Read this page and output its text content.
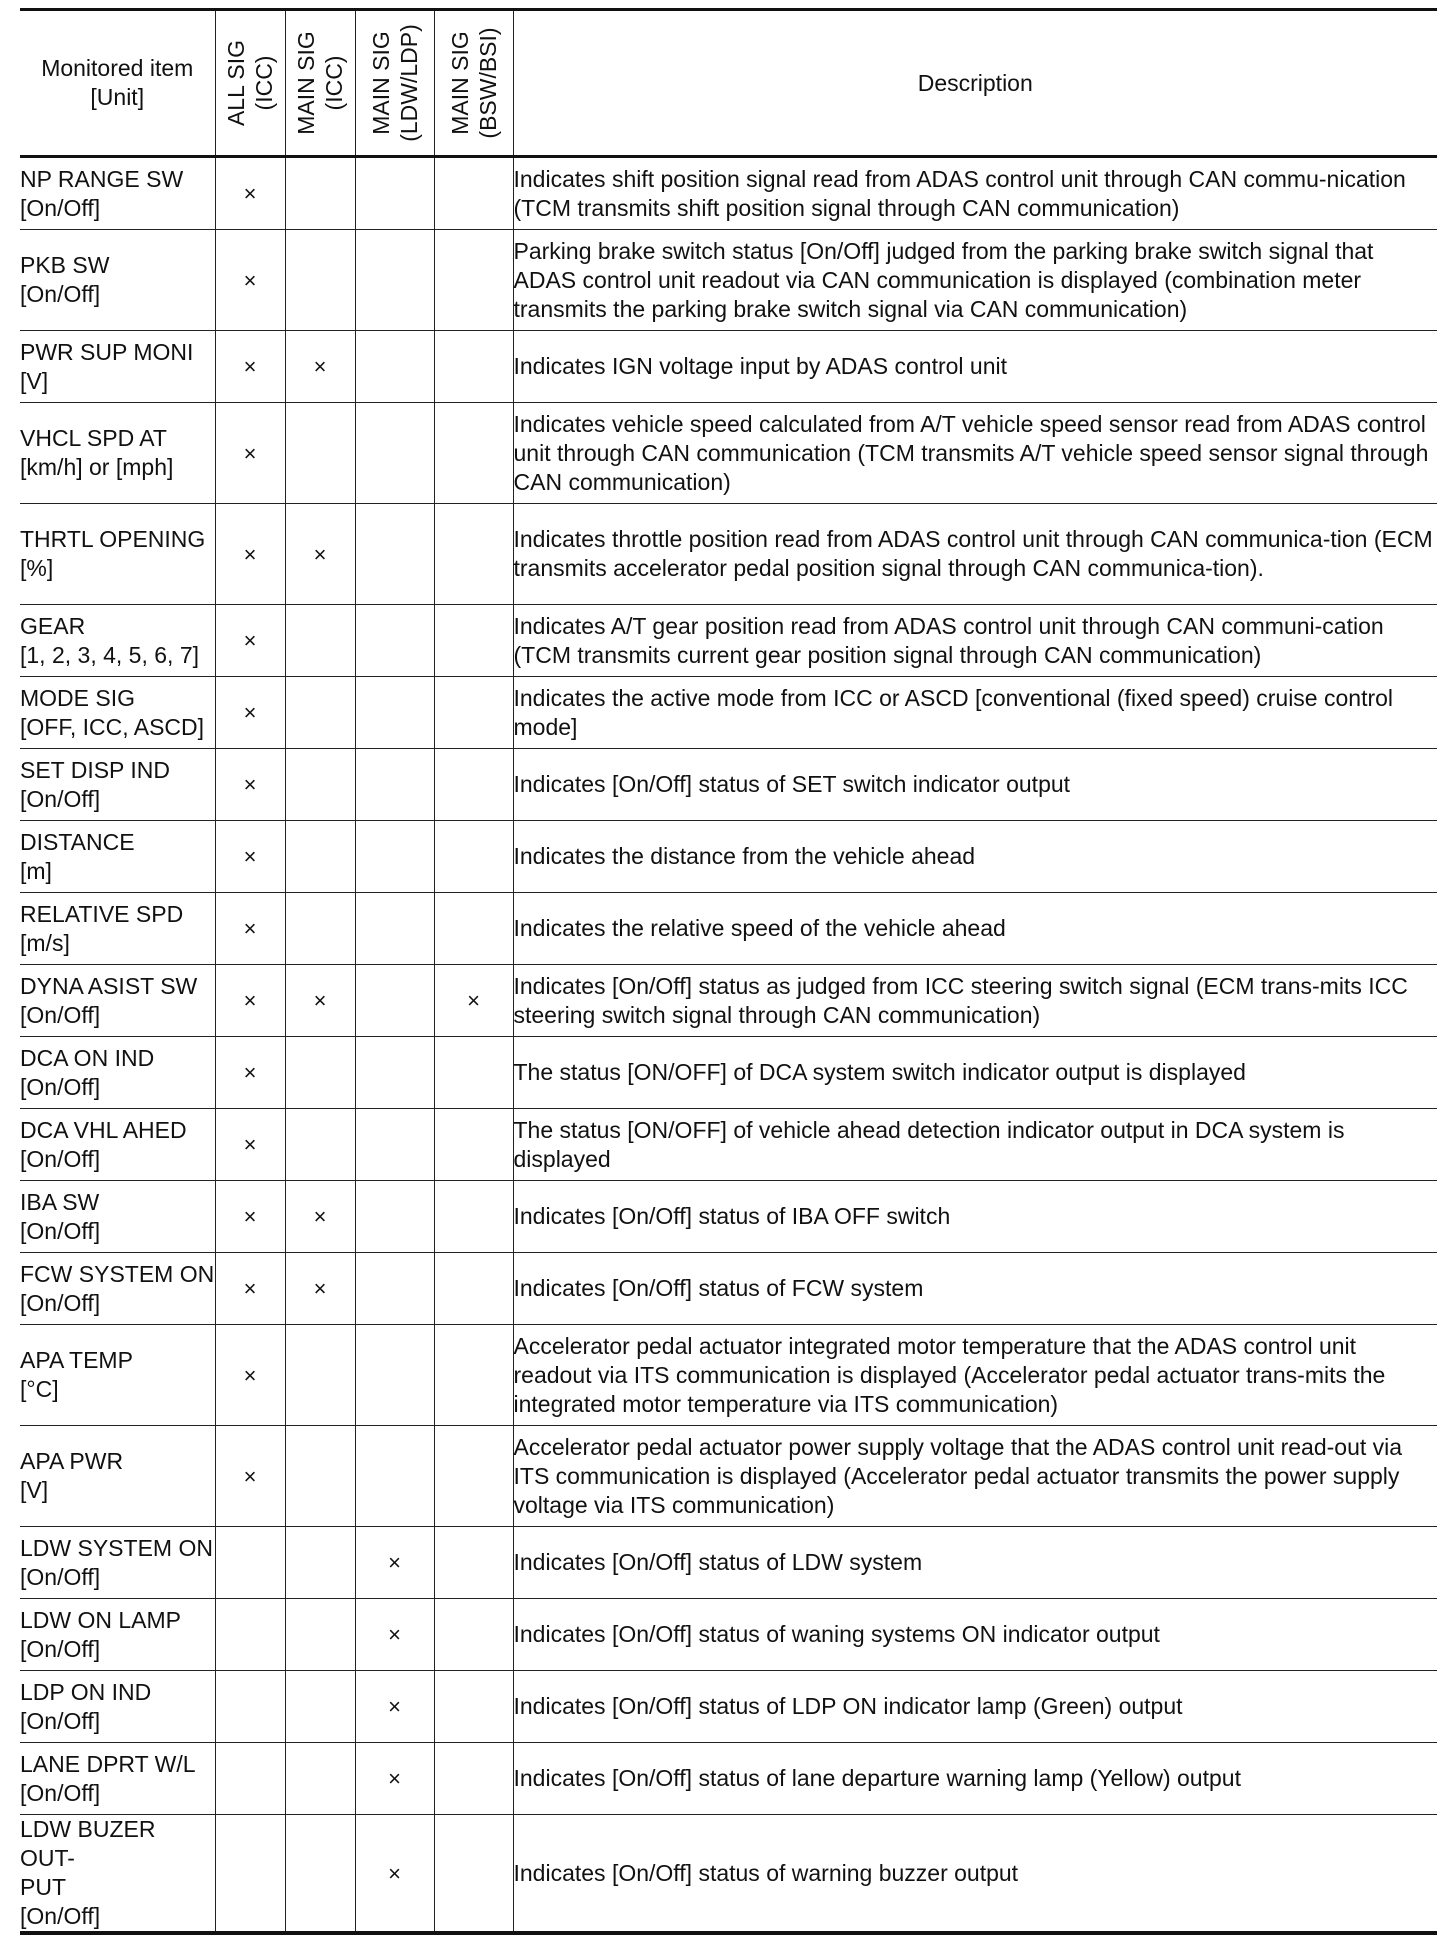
Monitored item
[Unit]	ALL SIG (ICC)	MAIN SIG (ICC)	MAIN SIG (LDW/LDP)	MAIN SIG (BSW/BSI)	Description

NP RANGE SW
[On/Off]	×				Indicates shift position signal read from ADAS control unit through CAN commu-nication (TCM transmits shift position signal through CAN communication)

PKB SW
[On/Off]	×				Parking brake switch status [On/Off] judged from the parking brake switch signal that ADAS control unit readout via CAN communication is displayed (combination meter transmits the parking brake switch signal via CAN communication)

PWR SUP MONI
[V]	×	×			Indicates IGN voltage input by ADAS control unit

VHCL SPD AT
[km/h] or [mph]	×				Indicates vehicle speed calculated from A/T vehicle speed sensor read from ADAS control unit through CAN communication (TCM transmits A/T vehicle speed sensor signal through CAN communication)

THRTL OPENING
[%]	×	×			Indicates throttle position read from ADAS control unit through CAN communica-tion (ECM transmits accelerator pedal position signal through CAN communica-tion).

GEAR
[1, 2, 3, 4, 5, 6, 7]	×				Indicates A/T gear position read from ADAS control unit through CAN communi-cation (TCM transmits current gear position signal through CAN communication)

MODE SIG
[OFF, ICC, ASCD]	×				Indicates the active mode from ICC or ASCD [conventional (fixed speed) cruise control mode]

SET DISP IND
[On/Off]	×				Indicates [On/Off] status of SET switch indicator output

DISTANCE
[m]	×				Indicates the distance from the vehicle ahead

RELATIVE SPD
[m/s]	×				Indicates the relative speed of the vehicle ahead

DYNA ASIST SW
[On/Off]	×	×		×	Indicates [On/Off] status as judged from ICC steering switch signal (ECM trans-mits ICC steering switch signal through CAN communication)

DCA ON IND
[On/Off]	×				The status [ON/OFF] of DCA system switch indicator output is displayed

DCA VHL AHED
[On/Off]	×				The status [ON/OFF] of vehicle ahead detection indicator output in DCA system is displayed

IBA SW
[On/Off]	×	×			Indicates [On/Off] status of IBA OFF switch

FCW SYSTEM ON
[On/Off]	×	×			Indicates [On/Off] status of FCW system

APA TEMP
[°C]	×				Accelerator pedal actuator integrated motor temperature that the ADAS control unit readout via ITS communication is displayed (Accelerator pedal actuator trans-mits the integrated motor temperature via ITS communication)

APA PWR
[V]	×				Accelerator pedal actuator power supply voltage that the ADAS control unit read-out via ITS communication is displayed (Accelerator pedal actuator transmits the power supply voltage via ITS communication)

LDW SYSTEM ON
[On/Off]			×		Indicates [On/Off] status of LDW system

LDW ON LAMP
[On/Off]			×		Indicates [On/Off] status of waning systems ON indicator output

LDP ON IND
[On/Off]			×		Indicates [On/Off] status of LDP ON indicator lamp (Green) output

LANE DPRT W/L
[On/Off]			×		Indicates [On/Off] status of lane departure warning lamp (Yellow) output

LDW BUZER OUT-
PUT
[On/Off]			×		Indicates [On/Off] status of warning buzzer output
